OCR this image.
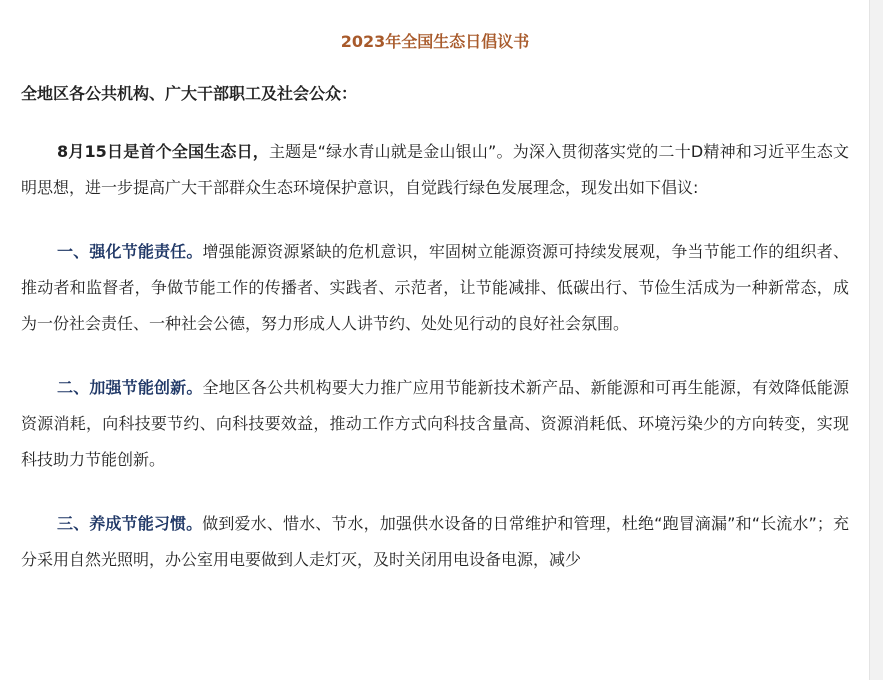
2023年全国生态日倡议书
全地区各公共机构、广大干部职工及社会公众：

8月15日是首个全国生态日，主题是“绿水青山就是金山银山”。为深入贯彻落实党的二十D精神和习近平生态文明思想，进一步提高广大干部群众生态环境保护意识，自觉践行绿色发展理念，现发出如下倡议:

一、强化节能责任。增强能源资源紧缺的危机意识，牢固树立能源资源可持续发展观，争当节能工作的组织者、推动者和监督者，争做节能工作的传播者、实践者、示范者，让节能减排、低碳出行、节俭生活成为一种新常态，成为一份社会责任、一种社会公德，努力形成人人讲节约、处处见行动的良好社会氛围。

二、加强节能创新。全地区各公共机构要大力推广应用节能新技术新产品、新能源和可再生能源，有效降低能源资源消耗，向科技要节约、向科技要效益，推动工作方式向科技含量高、资源消耗低、环境污染少的方向转变，实现科技助力节能创新。

三、养成节能习惯。做到爱水、惜水、节水，加强供水设备的日常维护和管理，杜绝“跑冒滴漏”和“长流水”；充分采用自然光照明，办公室用电要做到人走灯灭，及时关闭用电设备电源，减少
